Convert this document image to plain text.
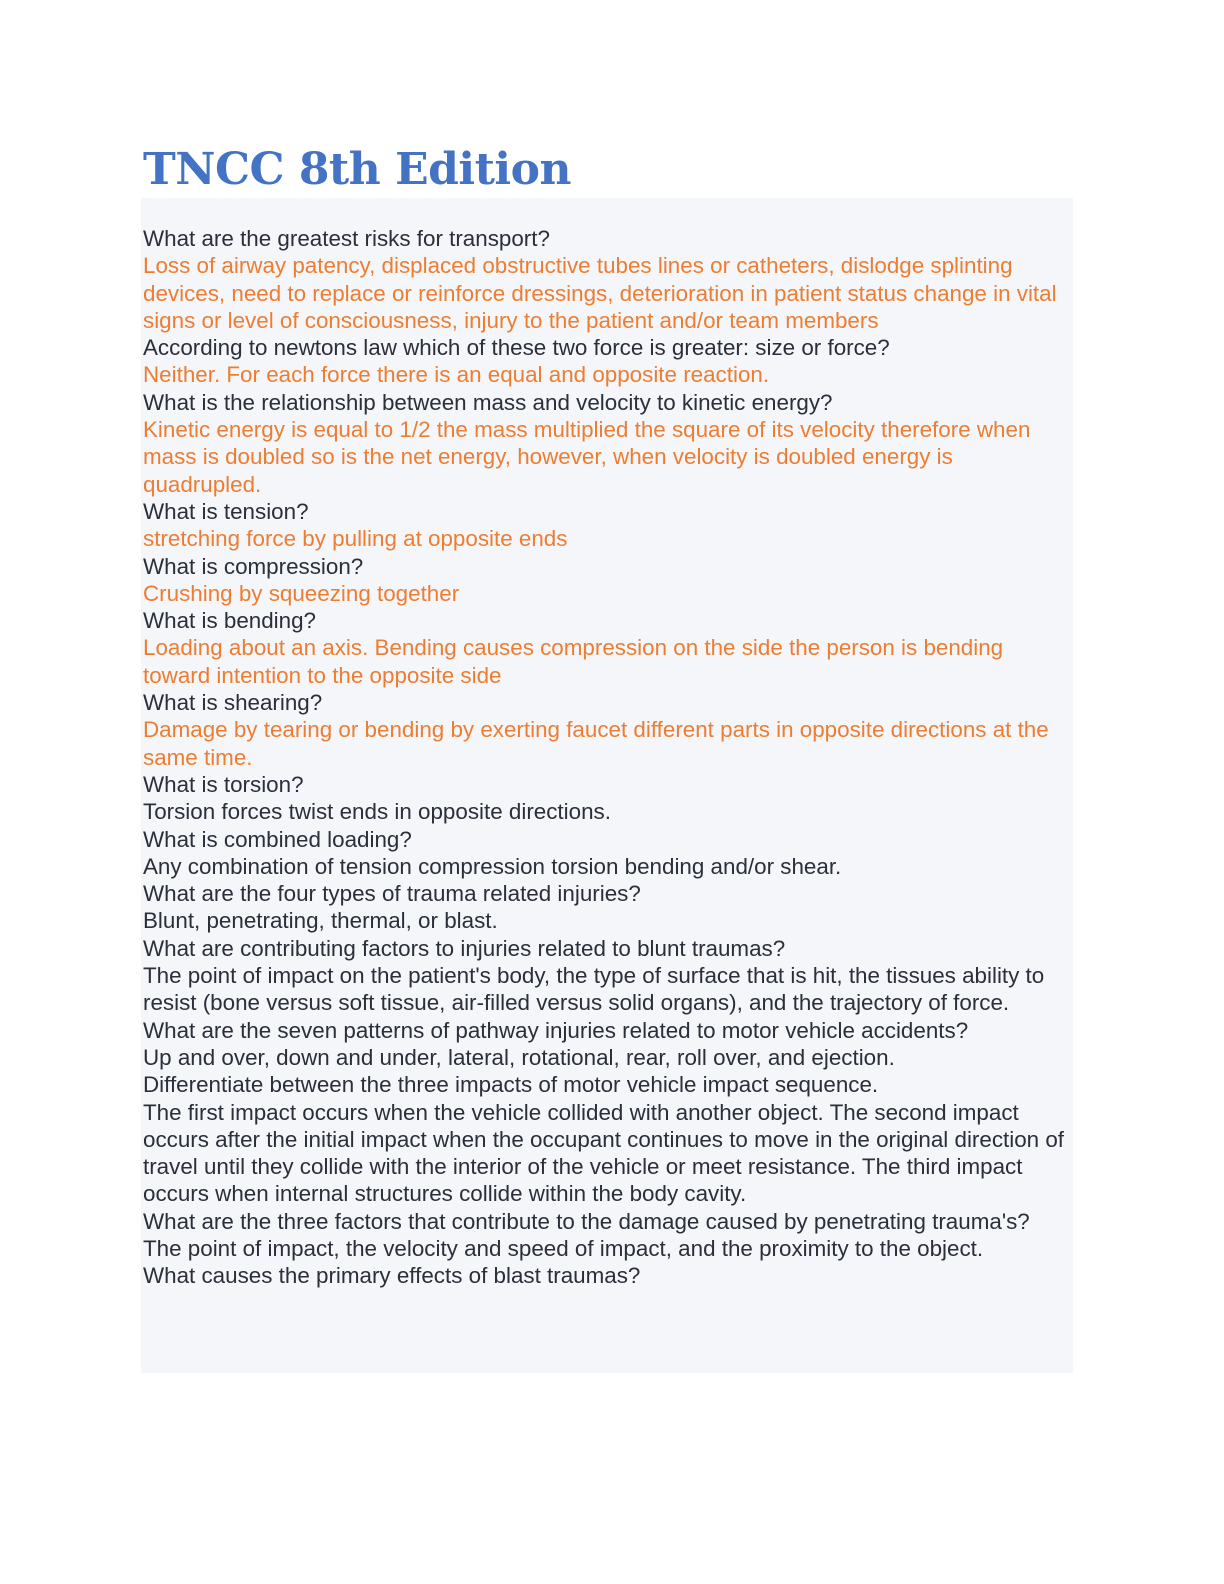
TNCC 8th Edition

What are the greatest risks for transport?

Loss of airway patency, displaced obstructive tubes lines or catheters, dislodge splinting devices, need to replace or reinforce dressings, deterioration in patient status change in vital signs or level of consciousness, injury to the patient and/or team members

According to newtons law which of these two force is greater: size or force?

Neither. For each force there is an equal and opposite reaction.

What is the relationship between mass and velocity to kinetic energy?

Kinetic energy is equal to 1/2 the mass multiplied the square of its velocity therefore when mass is doubled so is the net energy, however, when velocity is doubled energy is quadrupled.

What is tension?

stretching force by pulling at opposite ends

What is compression?

Crushing by squeezing together

What is bending?

Loading about an axis. Bending causes compression on the side the person is bending toward intention to the opposite side

What is shearing?

Damage by tearing or bending by exerting faucet different parts in opposite directions at the same time.

What is torsion?

Torsion forces twist ends in opposite directions.

What is combined loading?

Any combination of tension compression torsion bending and/or shear.

What are the four types of trauma related injuries?

Blunt, penetrating, thermal, or blast.

What are contributing factors to injuries related to blunt traumas?

The point of impact on the patient's body, the type of surface that is hit, the tissues ability to resist (bone versus soft tissue, air-filled versus solid organs), and the trajectory of force.

What are the seven patterns of pathway injuries related to motor vehicle accidents?

Up and over, down and under, lateral, rotational, rear, roll over, and ejection.

Differentiate between the three impacts of motor vehicle impact sequence.

The first impact occurs when the vehicle collided with another object. The second impact occurs after the initial impact when the occupant continues to move in the original direction of travel until they collide with the interior of the vehicle or meet resistance. The third impact occurs when internal structures collide within the body cavity.

What are the three factors that contribute to the damage caused by penetrating trauma's?

The point of impact, the velocity and speed of impact, and the proximity to the object.

What causes the primary effects of blast traumas?
